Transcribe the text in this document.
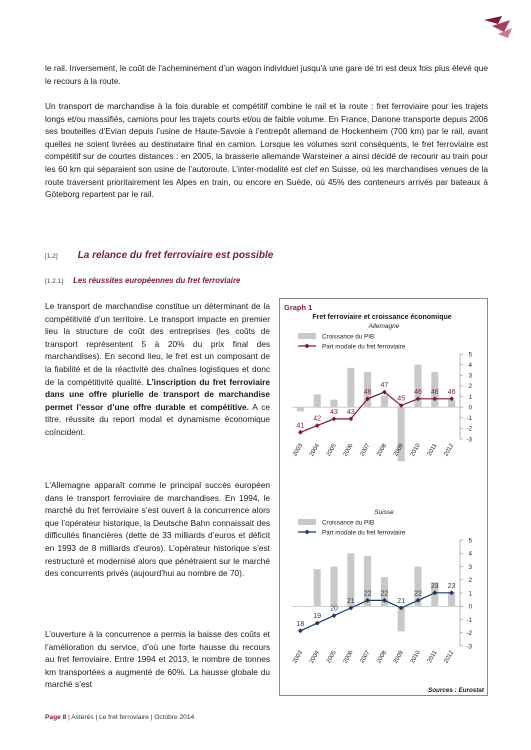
le rail. Inversement, le coût de l’acheminement d’un wagon individuel jusqu’à une gare de tri est deux fois plus élevé que le recours à la route.

Un transport de marchandise à la fois durable et compétitif combine le rail et la route : fret ferroviaire pour les trajets longs et/ou massifiés, camions pour les trajets courts et/ou de faible volume. En France, Danone transporte depuis 2006 ses bouteilles d’Evian depuis l’usine de Haute-Savoie à l’entrepôt allemand de Hockenheim (700 km) par le rail, avant quelles ne soient livrées au destinataire final en camion. Lorsque les volumes sont conséquents, le fret ferroviaire est compétitif sur de courtes distances : en 2005, la brasserie allemande Warsteiner a ainsi décidé de recourir au train pour les 60 km qui séparaient son usine de l’autoroute. L’inter-modalité est clef en Suisse, où les marchandises venues de la route traversent prioritairement les Alpes en train, ou encore en Suède, où 45% des conteneurs arrivés par bateaux à Göteborg repartent par le rail.

[1.2] La relance du fret ferroviaire est possible
[1.2.1] Les réussites européennes du fret ferroviaire

Le transport de marchandise constitue un déterminant de la compétitivité d’un territoire. Le transport impacte en premier lieu la structure de coût des entreprises (les coûts de transport représentent 5 à 20% du prix final des marchandises). En second lieu, le fret est un composant de la fiabilité et de la réactivité des chaînes logistiques et donc de la compétitivité qualité. L’inscription du fret ferroviaire dans une offre plurielle de transport de marchandise permet l’essor d’une offre durable et compétitive. A ce titre, réussite du report modal et dynamisme économique coïncident.

L’Allemagne apparaît comme le principal succès européen dans le transport ferroviaire de marchandises. En 1994, le marché du fret ferroviaire s’est ouvert à la concurrence alors que l’opérateur historique, la Deutsche Bahn connaissait des difficultés financières (dette de 33 milliards d’euros et déficit en 1993 de 8 milliards d’euros). L’opérateur historique s’est restructuré et modernisé alors que pénétraient sur le marché des concurrents privés (aujourd’hui au nombre de 70).

L’ouverture à la concurrence a permis la baisse des coûts et l’amélioration du service, d’où une forte hausse du recours au fret ferroviaire. Entre 1994 et 2013, le nombre de tonnes km transportées a augmenté de 60%. La hausse globale du marché s’est

Graph 1
Fret ferroviaire et croissance économique
Sources : Eurostat
Allemagne
Croissance du PIB
Part modale du fret ferroviaire
-3
-2
-1
0
1
2
3
4
5
41
42
43 43
46
47
45
46 46 46
2003 2004 2005 2006 2007 2008 2009 2010 2011 2012
Suisse
Croissance du PIB
Part modale du fret ferroviaire
-3
-2
-1
0
1
2
3
4
5
18
19
20
21
22 22
21
22
23 23
2003 2004 2005 2006 2007 2008 2009 2010 2011 2012
Page 8 | Asterès | Le fret ferroviaire | Octobre 2014
